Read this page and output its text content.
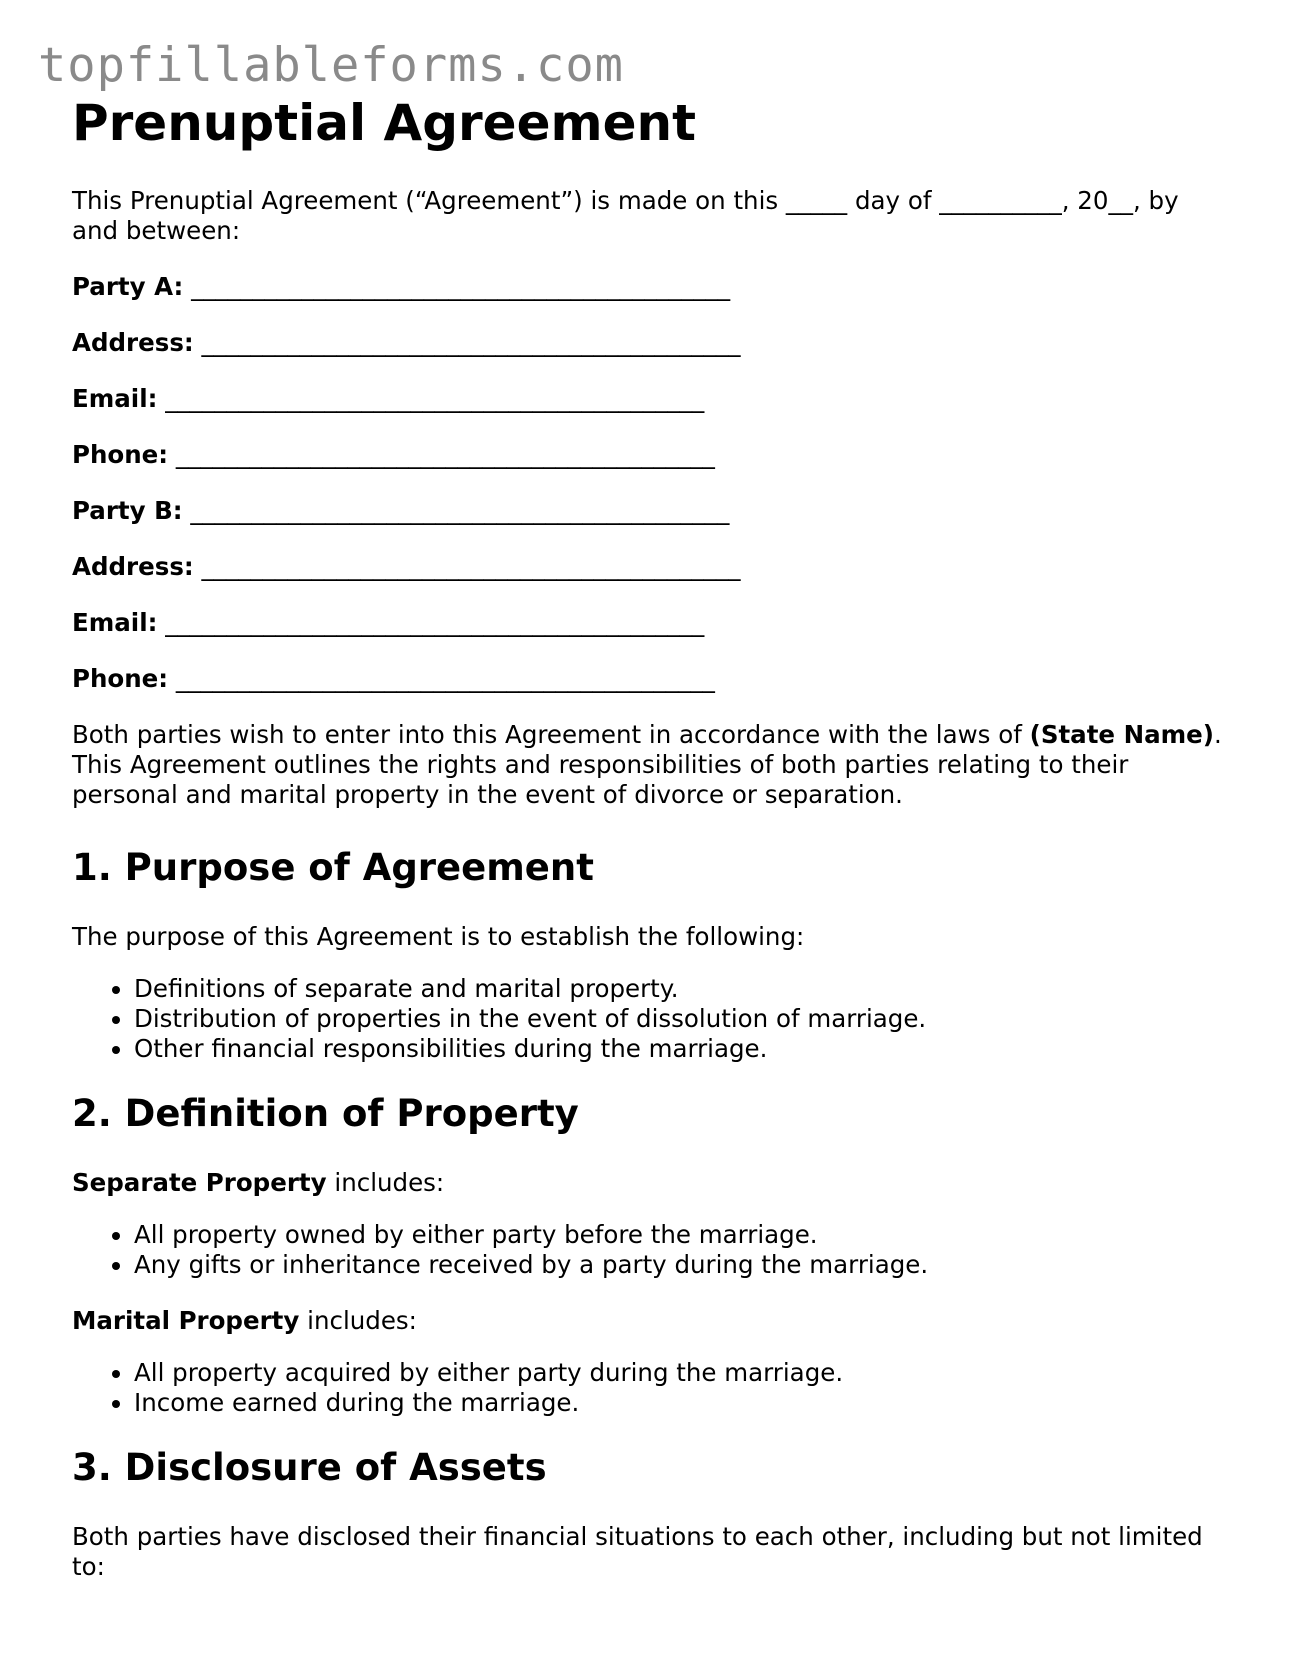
topfillableforms.com
Prenuptial Agreement

This Prenuptial Agreement (“Agreement”) is made on this _____ day of __________, 20__, by and between:

Party A: ____________________________________________
Address: ____________________________________________
Email: ____________________________________________
Phone: ____________________________________________
Party B: ____________________________________________
Address: ____________________________________________
Email: ____________________________________________
Phone: ____________________________________________

Both parties wish to enter into this Agreement in accordance with the laws of (State Name). This Agreement outlines the rights and responsibilities of both parties relating to their personal and marital property in the event of divorce or separation.

1. Purpose of Agreement

The purpose of this Agreement is to establish the following:

• Definitions of separate and marital property.
• Distribution of properties in the event of dissolution of marriage.
• Other financial responsibilities during the marriage.
2. Definition of Property

Separate Property includes:

• All property owned by either party before the marriage.
• Any gifts or inheritance received by a party during the marriage.

Marital Property includes:

• All property acquired by either party during the marriage.
• Income earned during the marriage.
3. Disclosure of Assets

Both parties have disclosed their financial situations to each other, including but not limited to:
